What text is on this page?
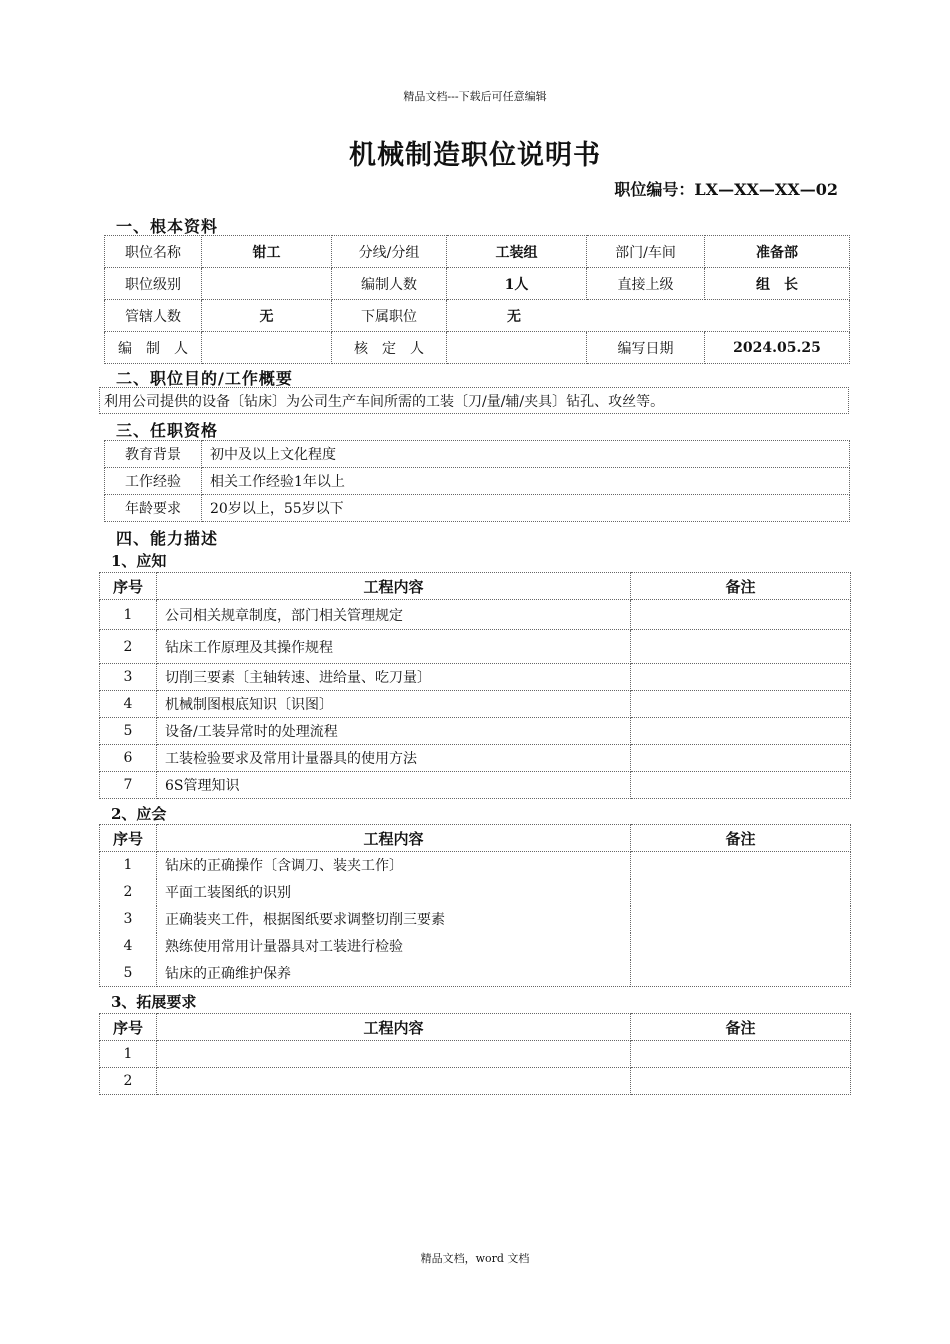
精品文档---下载后可任意编辑
机械制造职位说明书
职位编号：LX—XX—XX—02
一、根本资料
职位名称	钳工	分线/分组	工装组	部门/车间	准备部
职位级别		编制人数	1人	直接上级	组　长
管辖人数	无	下属职位	无		
编　制　人		核　定　人		编写日期	2024.05.25
二、职位目的/工作概要
利用公司提供的设备〔钻床〕为公司生产车间所需的工装〔刀/量/辅/夹具〕钻孔、攻丝等。
三、任职资格
教育背景	初中及以上文化程度
工作经验	相关工作经验1年以上
年龄要求	20岁以上，55岁以下
四、能力描述
1、应知
序号	工程内容	备注
1	公司相关规章制度，部门相关管理规定	
2	钻床工作原理及其操作规程	
3	切削三要素〔主轴转速、进给量、吃刀量〕	
4	机械制图根底知识〔识图〕	
5	设备/工装异常时的处理流程	
6	工装检验要求及常用计量器具的使用方法	
7	6S管理知识	
2、应会
序号	工程内容	备注
1	钻床的正确操作〔含调刀、装夹工作〕	
2	平面工装图纸的识别	
3	正确装夹工件，根据图纸要求调整切削三要素	
4	熟练使用常用计量器具对工装进行检验	
5	钻床的正确维护保养	
3、拓展要求
序号	工程内容	备注
1		
2		
精品文档，word 文档
